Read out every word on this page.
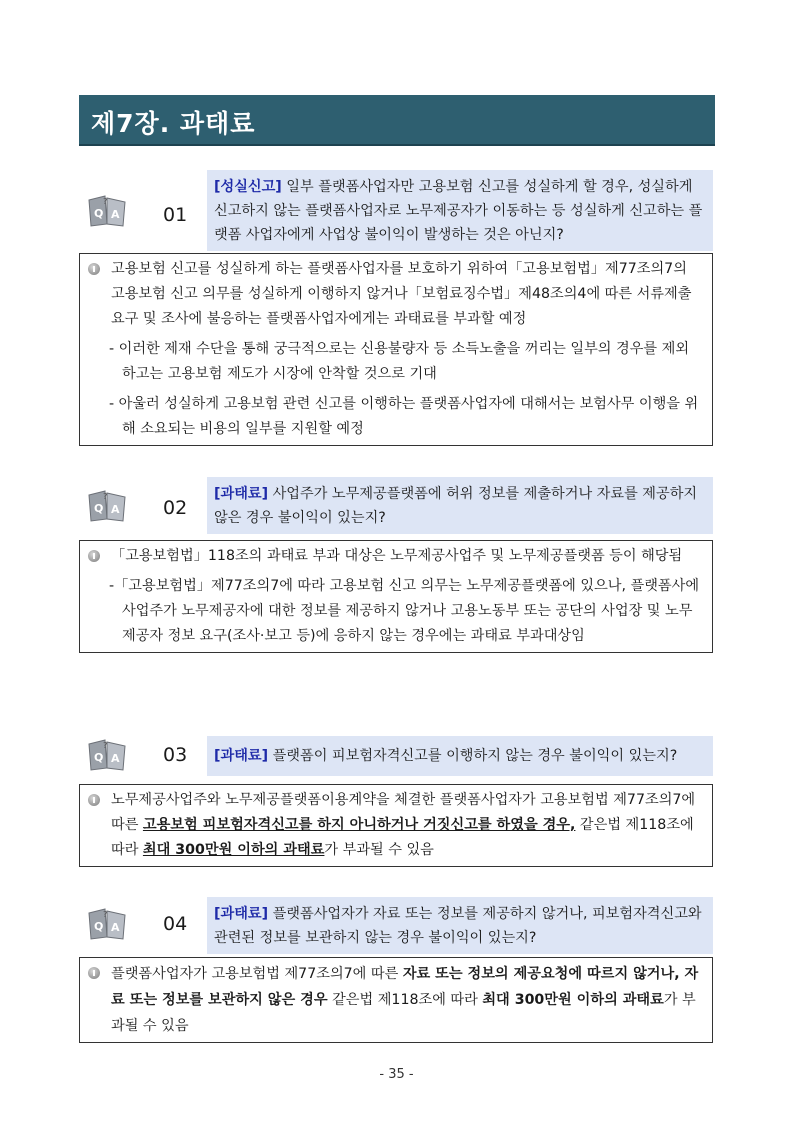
제7장. 과태료
Q A
?
01
[성실신고] 일부 플랫폼사업자만 고용보험 신고를 성실하게 할 경우, 성실하게 신고하지 않는 플랫폼사업자로 노무제공자가 이동하는 등 성실하게 신고하는 플랫폼 사업자에게 사업상 불이익이 발생하는 것은 아닌지?
고용보험 신고를 성실하게 하는 플랫폼사업자를 보호하기 위하여「고용보험법」제77조의7의 고용보험 신고 의무를 성실하게 이행하지 않거나「보험료징수법」제48조의4에 따른 서류제출 요구 및 조사에 불응하는 플랫폼사업자에게는 과태료를 부과할 예정
- 이러한 제재 수단을 통해 궁극적으로는 신용불량자 등 소득노출을 꺼리는 일부의 경우를 제외하고는 고용보험 제도가 시장에 안착할 것으로 기대
- 아울러 성실하게 고용보험 관련 신고를 이행하는 플랫폼사업자에 대해서는 보험사무 이행을 위해 소요되는 비용의 일부를 지원할 예정
Q A
?
02
[과태료] 사업주가 노무제공플랫폼에 허위 정보를 제출하거나 자료를 제공하지 않은 경우 불이익이 있는지?
「고용보험법」118조의 과태료 부과 대상은 노무제공사업주 및 노무제공플랫폼 등이 해당됨
-「고용보험법」제77조의7에 따라 고용보험 신고 의무는 노무제공플랫폼에 있으나, 플랫폼사에 사업주가 노무제공자에 대한 정보를 제공하지 않거나 고용노동부 또는 공단의 사업장 및 노무제공자 정보 요구(조사·보고 등)에 응하지 않는 경우에는 과태료 부과대상임
Q A
?	03	[과태료] 플랫폼이 피보험자격신고를 이행하지 않는 경우 불이익이 있는지?
노무제공사업주와 노무제공플랫폼이용계약을 체결한 플랫폼사업자가 고용보험법 제77조의7에 따른 고용보험 피보험자격신고를 하지 아니하거나 거짓신고를 하였을 경우, 같은법 제118조에 따라 최대 300만원 이하의 과태료가 부과될 수 있음
Q A
?	04	[과태료] 플랫폼사업자가 자료 또는 정보를 제공하지 않거나, 피보험자격신고와 관련된 정보를 보관하지 않는 경우 불이익이 있는지?
플랫폼사업자가 고용보험법 제77조의7에 따른 자료 또는 정보의 제공요청에 따르지 않거나, 자료 또는 정보를 보관하지 않은 경우 같은법 제118조에 따라 최대 300만원 이하의 과태료가 부과될 수 있음
- 35 -
